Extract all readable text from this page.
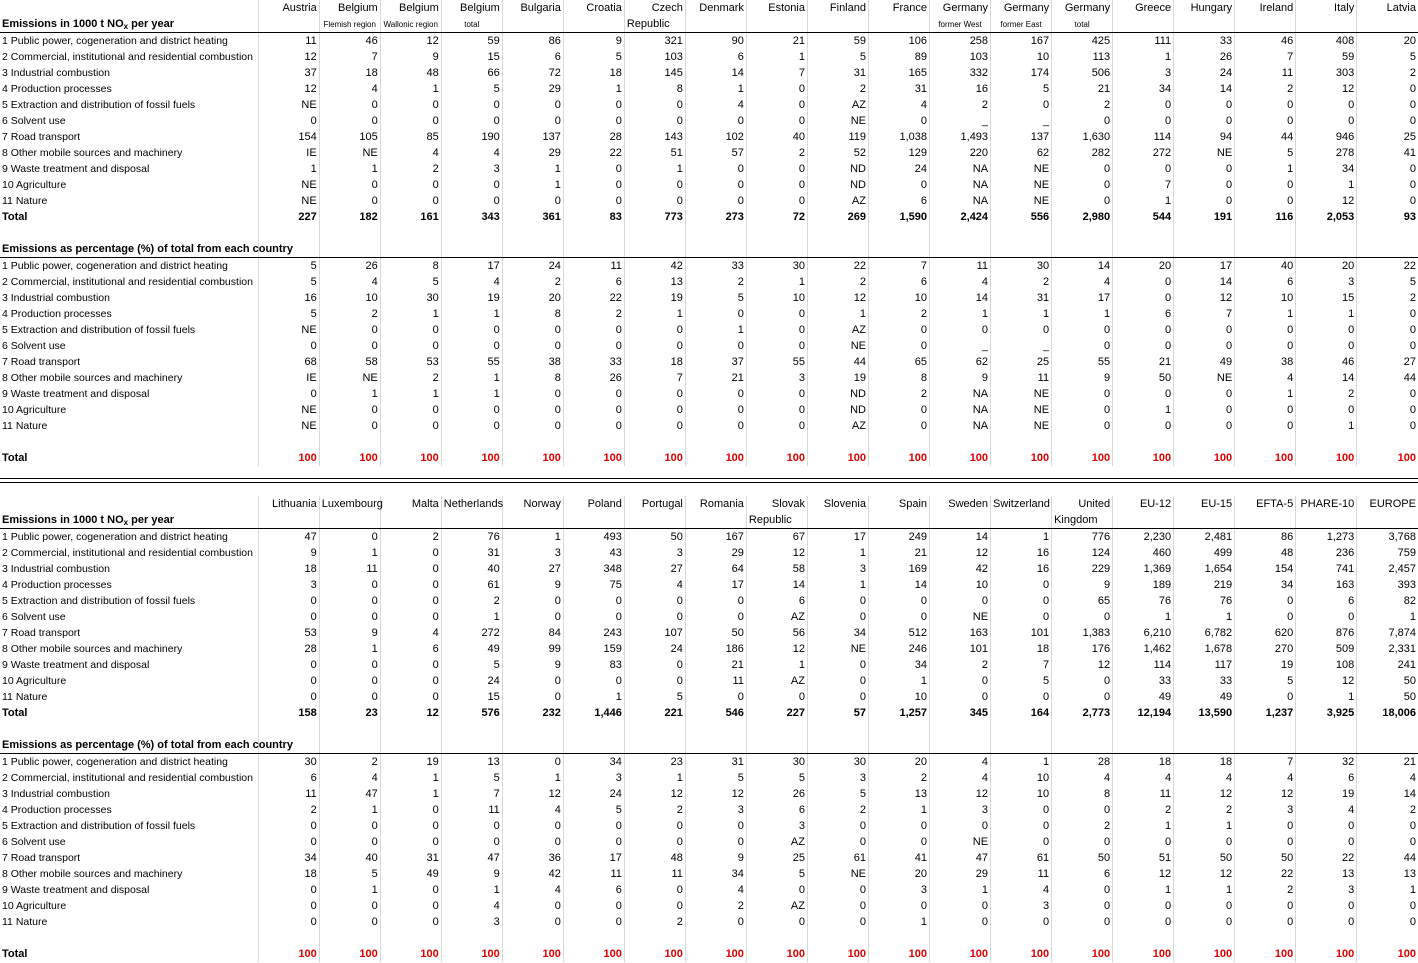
	Austria	Belgium	Belgium	Belgium	Bulgaria	Croatia	Czech	Denmark	Estonia	Finland	France	Germany	Germany	Germany	Greece	Hungary	Ireland	Italy	Latvia
Emissions in 1000 t $NO_x$ per year		Flemish region	Wallonic region	total			Republic					former West	former East	total					
1 Public power, cogeneration and district heating	11	46	12	59	86	9	321	90	21	59	106	258	167	425	111	33	46	408	20
2 Commercial, institutional and residential combustion	12	7	9	15	6	5	103	6	1	5	89	103	10	113	1	26	7	59	5
3 Industrial combustion	37	18	48	66	72	18	145	14	7	31	165	332	174	506	3	24	11	303	2
4 Production processes	12	4	1	5	29	1	8	1	0	2	31	16	5	21	34	14	2	12	0
5 Extraction and distribution of fossil fuels	NE	0	0	0	0	0	0	4	0	AZ	4	2	0	2	0	0	0	0	0
6 Solvent use	0	0	0	0	0	0	0	0	0	NE	0	_	_	0	0	0	0	0	0
7 Road transport	154	105	85	190	137	28	143	102	40	119	1,038	1,493	137	1,630	114	94	44	946	25
8 Other mobile sources and machinery	IE	NE	4	4	29	22	51	57	2	52	129	220	62	282	272	NE	5	278	41
9 Waste treatment and disposal	1	1	2	3	1	0	1	0	0	ND	24	NA	NE	0	0	0	1	34	0
10 Agriculture	NE	0	0	0	1	0	0	0	0	ND	0	NA	NE	0	7	0	0	1	0
11 Nature	NE	0	0	0	0	0	0	0	0	AZ	6	NA	NE	0	1	0	0	12	0
Total	227	182	161	343	361	83	773	273	72	269	1,590	2,424	556	2,980	544	191	116	2,053	93

Emissions as percentage (%) of total from each country																			
1 Public power, cogeneration and district heating	5	26	8	17	24	11	42	33	30	22	7	11	30	14	20	17	40	20	22
2 Commercial, institutional and residential combustion	5	4	5	4	2	6	13	2	1	2	6	4	2	4	0	14	6	3	5
3 Industrial combustion	16	10	30	19	20	22	19	5	10	12	10	14	31	17	0	12	10	15	2
4 Production processes	5	2	1	1	8	2	1	0	0	1	2	1	1	1	6	7	1	1	0
5 Extraction and distribution of fossil fuels	NE	0	0	0	0	0	0	1	0	AZ	0	0	0	0	0	0	0	0	0
6 Solvent use	0	0	0	0	0	0	0	0	0	NE	0	_	_	0	0	0	0	0	0
7 Road transport	68	58	53	55	38	33	18	37	55	44	65	62	25	55	21	49	38	46	27
8 Other mobile sources and machinery	IE	NE	2	1	8	26	7	21	3	19	8	9	11	9	50	NE	4	14	44
9 Waste treatment and disposal	0	1	1	1	0	0	0	0	0	ND	2	NA	NE	0	0	0	1	2	0
10 Agriculture	NE	0	0	0	0	0	0	0	0	ND	0	NA	NE	0	1	0	0	0	0
11 Nature	NE	0	0	0	0	0	0	0	0	AZ	0	NA	NE	0	0	0	0	1	0

Total	100	100	100	100	100	100	100	100	100	100	100	100	100	100	100	100	100	100	100
	Lithuania	Luxembourg	Malta	Netherlands	Norway	Poland	Portugal	Romania	Slovak	Slovenia	Spain	Sweden	Switzerland	United	EU-12	EU-15	EFTA-5	PHARE-10	EUROPE
Emissions in 1000 t $NO_x$ per year									Republic					Kingdom					
1 Public power, cogeneration and district heating	47	0	2	76	1	493	50	167	67	17	249	14	1	776	2,230	2,481	86	1,273	3,768
2 Commercial, institutional and residential combustion	9	1	0	31	3	43	3	29	12	1	21	12	16	124	460	499	48	236	759
3 Industrial combustion	18	11	0	40	27	348	27	64	58	3	169	42	16	229	1,369	1,654	154	741	2,457
4 Production processes	3	0	0	61	9	75	4	17	14	1	14	10	0	9	189	219	34	163	393
5 Extraction and distribution of fossil fuels	0	0	0	2	0	0	0	0	6	0	0	0	0	65	76	76	0	6	82
6 Solvent use	0	0	0	1	0	0	0	0	AZ	0	0	NE	0	0	1	1	0	0	1
7 Road transport	53	9	4	272	84	243	107	50	56	34	512	163	101	1,383	6,210	6,782	620	876	7,874
8 Other mobile sources and machinery	28	1	6	49	99	159	24	186	12	NE	246	101	18	176	1,462	1,678	270	509	2,331
9 Waste treatment and disposal	0	0	0	5	9	83	0	21	1	0	34	2	7	12	114	117	19	108	241
10 Agriculture	0	0	0	24	0	0	0	11	AZ	0	1	0	5	0	33	33	5	12	50
11 Nature	0	0	0	15	0	1	5	0	0	0	10	0	0	0	49	49	0	1	50
Total	158	23	12	576	232	1,446	221	546	227	57	1,257	345	164	2,773	12,194	13,590	1,237	3,925	18,006

Emissions as percentage (%) of total from each country																			
1 Public power, cogeneration and district heating	30	2	19	13	0	34	23	31	30	30	20	4	1	28	18	18	7	32	21
2 Commercial, institutional and residential combustion	6	4	1	5	1	3	1	5	5	3	2	4	10	4	4	4	4	6	4
3 Industrial combustion	11	47	1	7	12	24	12	12	26	5	13	12	10	8	11	12	12	19	14
4 Production processes	2	1	0	11	4	5	2	3	6	2	1	3	0	0	2	2	3	4	2
5 Extraction and distribution of fossil fuels	0	0	0	0	0	0	0	0	3	0	0	0	0	2	1	1	0	0	0
6 Solvent use	0	0	0	0	0	0	0	0	AZ	0	0	NE	0	0	0	0	0	0	0
7 Road transport	34	40	31	47	36	17	48	9	25	61	41	47	61	50	51	50	50	22	44
8 Other mobile sources and machinery	18	5	49	9	42	11	11	34	5	NE	20	29	11	6	12	12	22	13	13
9 Waste treatment and disposal	0	1	0	1	4	6	0	4	0	0	3	1	4	0	1	1	2	3	1
10 Agriculture	0	0	0	4	0	0	0	2	AZ	0	0	0	3	0	0	0	0	0	0
11 Nature	0	0	0	3	0	0	2	0	0	0	1	0	0	0	0	0	0	0	0

Total	100	100	100	100	100	100	100	100	100	100	100	100	100	100	100	100	100	100	100
